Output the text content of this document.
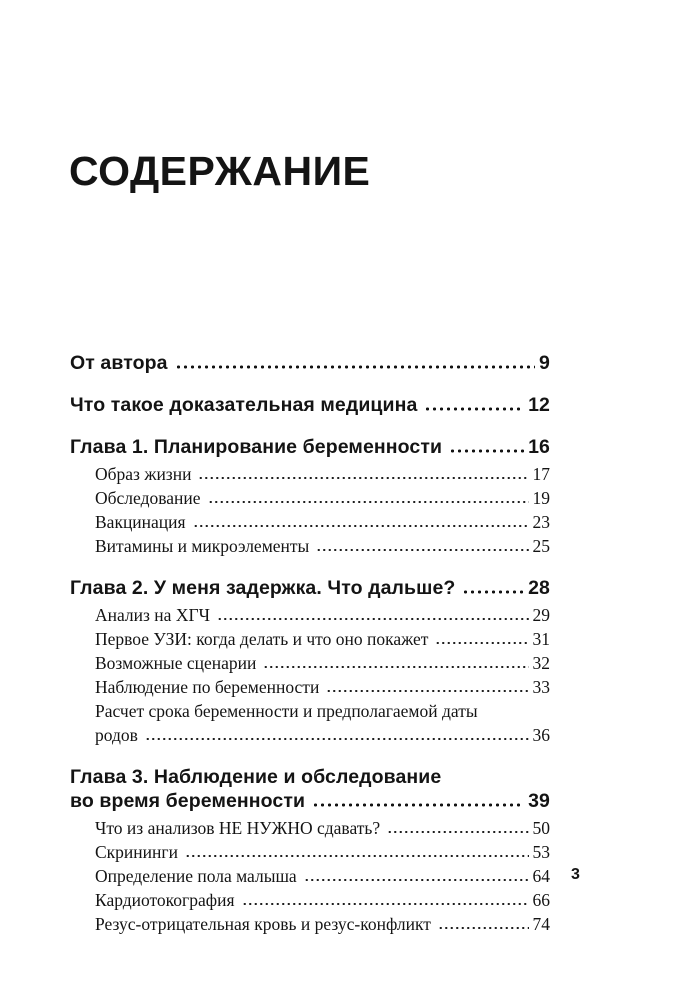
СОДЕРЖАНИЕ
От автора	9
Что такое доказательная медицина	12
Глава 1. Планирование беременности	16
Образ жизни	17
Обследование	19
Вакцинация	23
Витамины и микроэлементы	25
Глава 2. У меня задержка. Что дальше?	28
Анализ на ХГЧ	29
Первое УЗИ: когда делать и что оно покажет	31
Возможные сценарии	32
Наблюдение по беременности	33
Расчет срока беременности и предполагаемой даты
родов	36
Глава 3. Наблюдение и обследование
во время беременности	39
Что из анализов НЕ НУЖНО сдавать?	50
Скрининги	53
Определение пола малыша	64
Кардиотокография	66
Резус-отрицательная кровь и резус-конфликт	74
3
